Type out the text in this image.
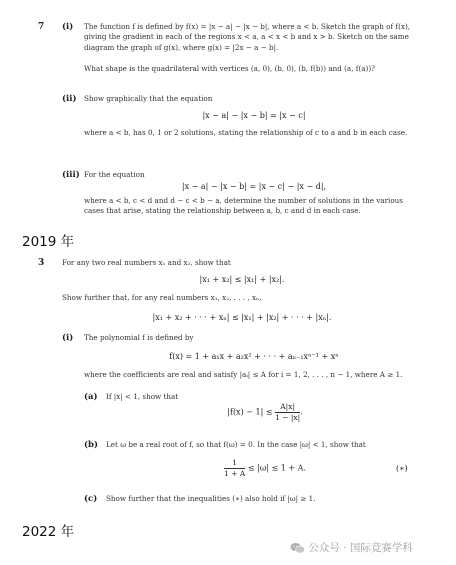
7 (i) The function f is defined by f(x) = |x − a| − |x − b|, where a < b. Sketch the graph of f(x), giving the gradient in each of the regions x < a, a < x < b and x > b. Sketch on the same diagram the graph of g(x), where g(x) = |2x − a − b|.
What shape is the quadrilateral with vertices (a, 0), (b, 0), (b, f(b)) and (a, f(a))?
(ii) Show graphically that the equation
|x − a| − |x − b| = |x − c|
where a < b, has 0, 1 or 2 solutions, stating the relationship of c to a and b in each case.
(iii) For the equation
|x − a| − |x − b| = |x − c| − |x − d|,
where a < b, c < d and d − c < b − a, determine the number of solutions in the various cases that arise, stating the relationship between a, b, c and d in each case.
2019 年
3 For any two real numbers x₁ and x₂, show that
|x₁ + x₂| ≤ |x₁| + |x₂|.
Show further that, for any real numbers x₁, x₂, . . . , xₙ,
|x₁ + x₂ + · · · + xₙ| ≤ |x₁| + |x₂| + · · · + |xₙ|.
(i) The polynomial f is defined by
f(x) = 1 + a₁x + a₂x² + · · · + aₙ₋₁xⁿ⁻¹ + xⁿ
where the coefficients are real and satisfy |aᵢ| ≤ A for i = 1, 2, . . . , n − 1, where A ≥ 1.
(a) If |x| < 1, show that
$|f(x) - 1| \le \frac{A|x|}{1 - |x|}$ .
(b) Let ω be a real root of f, so that f(ω) = 0. In the case |ω| < 1, show that
$\frac{1}{1 + A} \le |\omega| \le 1 + A$.	(∗)
(c) Show further that the inequalities (∗) also hold if |ω| ≥ 1.
2022 年
公众号 · 国际竞赛学科
